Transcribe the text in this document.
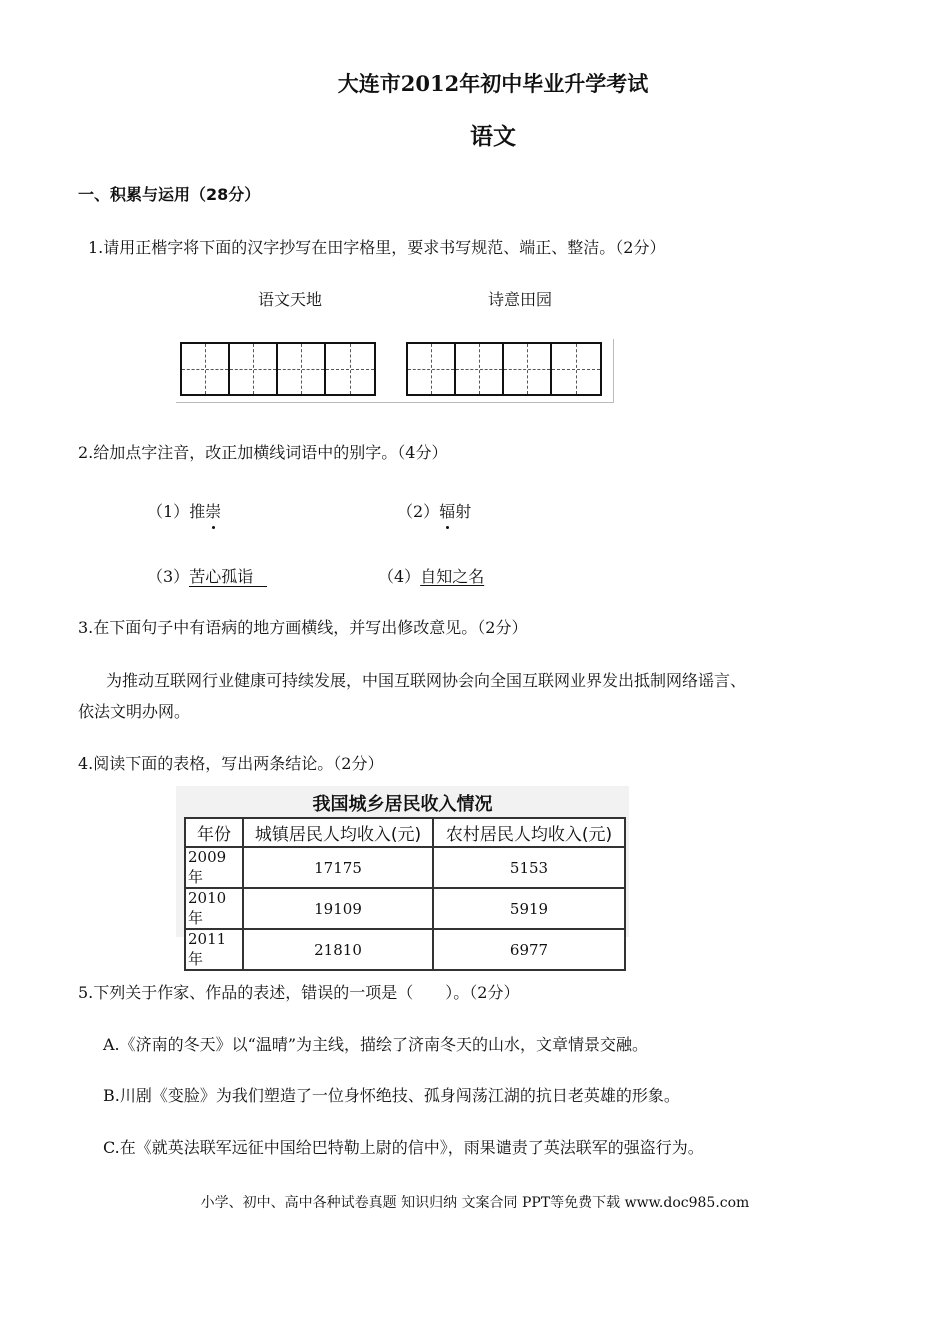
大连市2012年初中毕业升学考试
语文
一、积累与运用（28分）
1.请用正楷字将下面的汉字抄写在田字格里，要求书写规范、端正、整洁。（2分）
语文天地	诗意田园
2.给加点字注音，改正加横线词语中的别字。（4分）
（1）推崇	（2）辐射
（3）苦心孤诣	（4）自知之名
3.在下面句子中有语病的地方画横线，并写出修改意见。（2分）
为推动互联网行业健康可持续发展，中国互联网协会向全国互联网业界发出抵制网络谣言、
依法文明办网。
4.阅读下面的表格，写出两条结论。（2分）
我国城乡居民收入情况
年份	城镇居民人均收入(元)	农村居民人均收入(元)
2009年	17175	5153
2010年	19109	5919
2011年	21810	6977
5.下列关于作家、作品的表述，错误的一项是（　　）。（2分）
A.《济南的冬天》以“温晴”为主线，描绘了济南冬天的山水，文章情景交融。
B.川剧《变脸》为我们塑造了一位身怀绝技、孤身闯荡江湖的抗日老英雄的形象。
C.在《就英法联军远征中国给巴特勒上尉的信中》，雨果谴责了英法联军的强盗行为。
小学、初中、高中各种试卷真题 知识归纳 文案合同 PPT等免费下载 www.doc985.com
